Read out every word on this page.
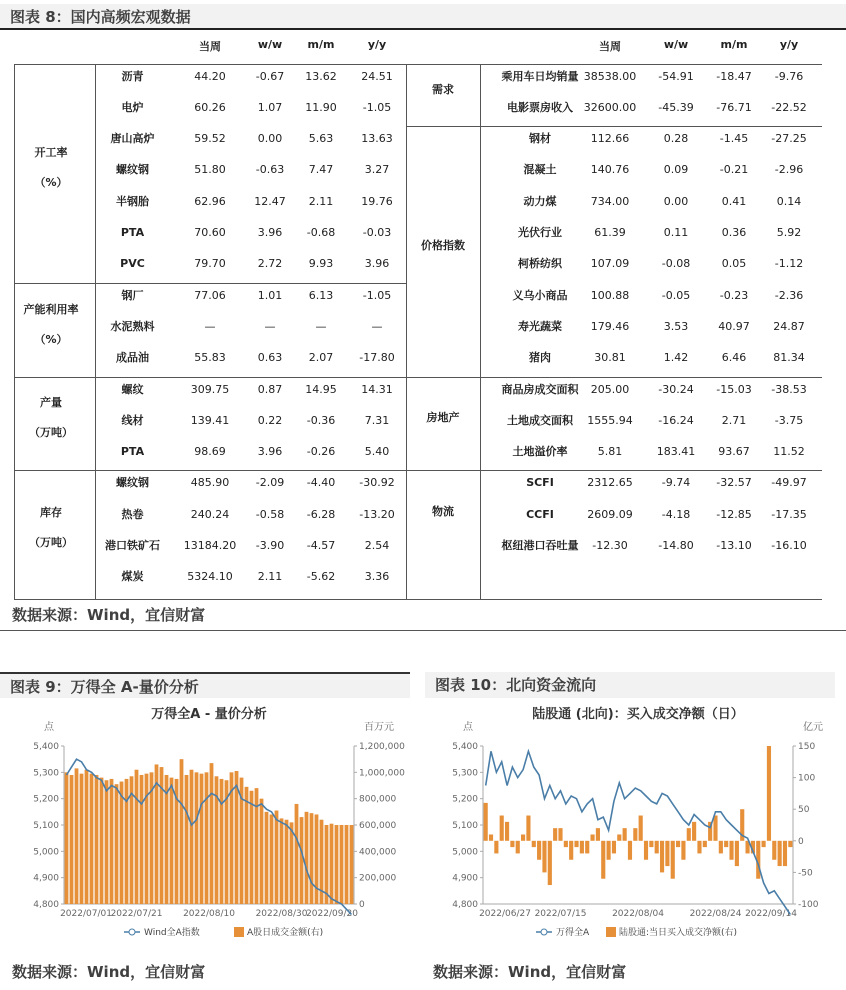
图表 8：国内高频宏观数据
当周	w/w	m/m	y/y	当周	w/w	m/m	y/y
开工率
（%）
沥青	44.20	-0.67	13.62	24.51
电炉	60.26	1.07	11.90	-1.05
唐山高炉	59.52	0.00	5.63	13.63
螺纹钢	51.80	-0.63	7.47	3.27
半钢胎	62.96	12.47	2.11	19.76
PTA	70.60	3.96	-0.68	-0.03
PVC	79.70	2.72	9.93	3.96
产能利用率
（%）
钢厂	77.06	1.01	6.13	-1.05
水泥熟料	—	—	—	—
成品油	55.83	0.63	2.07	-17.80
产量
（万吨）
螺纹	309.75	0.87	14.95	14.31
线材	139.41	0.22	-0.36	7.31
PTA	98.69	3.96	-0.26	5.40
库存
（万吨）
螺纹钢	485.90	-2.09	-4.40	-30.92
热卷	240.24	-0.58	-6.28	-13.20
港口铁矿石	13184.20	-3.90	-4.57	2.54
煤炭	5324.10	2.11	-5.62	3.36
需求
乘用车日均销量 38538.00	-54.91	-18.47	-9.76
电影票房收入 32600.00	-45.39	-76.71	-22.52
价格指数
钢材	112.66	0.28	-1.45	-27.25
混凝土	140.76	0.09	-0.21	-2.96
动力煤	734.00	0.00	0.41	0.14
光伏行业	61.39	0.11	0.36	5.92
柯桥纺织	107.09	-0.08	0.05	-1.12
义乌小商品	100.88	-0.05	-0.23	-2.36
寿光蔬菜	179.46	3.53	40.97	24.87
猪肉	30.81	1.42	6.46	81.34
房地产
商品房成交面积	205.00	-30.24	-15.03	-38.53
土地成交面积	1555.94	-16.24	2.71	-3.75
土地溢价率	5.81	183.41	93.67	11.52
物流
SCFI	2312.65	-9.74	-32.57	-49.97
CCFI	2609.09	-4.18	-12.85	-17.35
枢纽港口吞吐量	-12.30	-14.80	-13.10	-16.10
数据来源：Wind，宜信财富
图表 9：万得全 A-量价分析	图表 10：北向资金流向
万得全A - 量价分析
点	百万元
5,400
5,300
5,200
5,100
5,000
4,900
4,800
1,200,000
1,000,000
800,000
600,000
400,000
200,000
0
2022/07/01
2022/07/21 2022/08/10 2022/08/30
2022/09/20
Wind全A指数	A股日成交金额(右)
陆股通 (北向)：买入成交净额（日）
点	亿元
5,400
5,300
5,200
5,100
5,000
4,900
4,800
150
100
50
0
-50
-100
2022/06/27 2022/07/15	2022/08/04	2022/08/24 2022/09/14
万得全A	陆股通:当日买入成交净额(右)
数据来源：Wind，宜信财富	数据来源：Wind，宜信财富
